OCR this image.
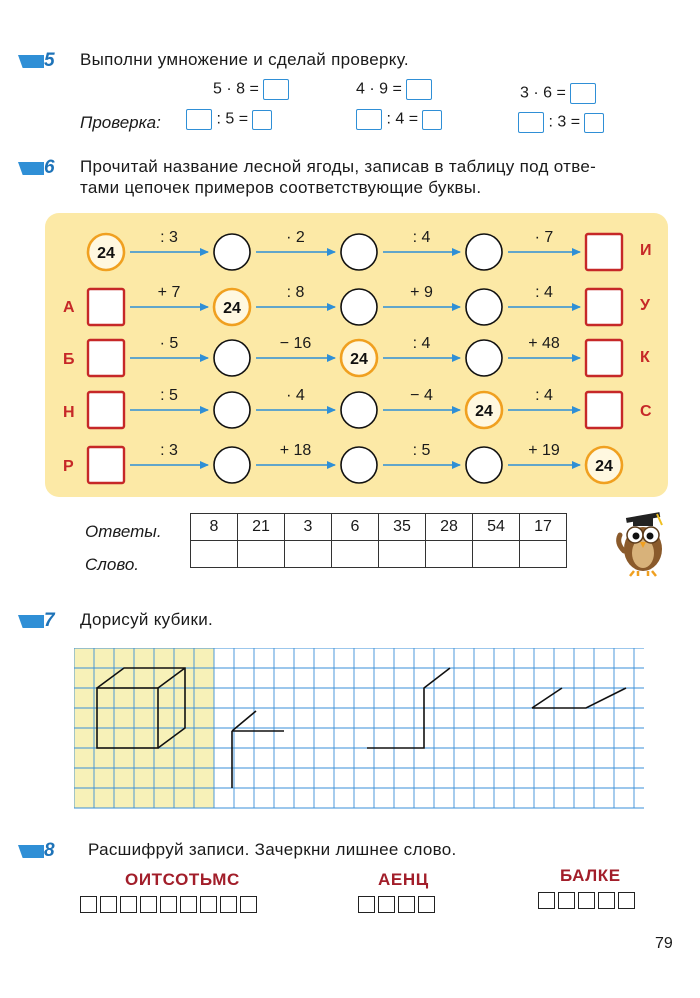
5 Выполни умножение и сделай проверку.
5 · 8 =	4 · 9 =	3 · 6 =
Проверка:	: 5 =	: 4 =	: 3 =
6 Прочитай название лесной ягоды, записав в таблицу под отве-
тами цепочек примеров соответствующие буквы.
А
Б
Н
Р
И
У
К
С
: 3	· 2	: 4	· 7
24
+ 7	: 8	+ 9	: 4
24
· 5	− 16	: 4	+ 48
24
: 5	· 4	− 4	: 4
24
: 3	+ 18	: 5	+ 19
24
Ответы.
Слово.
8	21	3	6	35	28	54	17

7 Дорисуй кубики.
8 Расшифруй записи. Зачеркни лишнее слово.
ОИТСОТЬМС	АЕНЦ	БАЛКЕ
79
